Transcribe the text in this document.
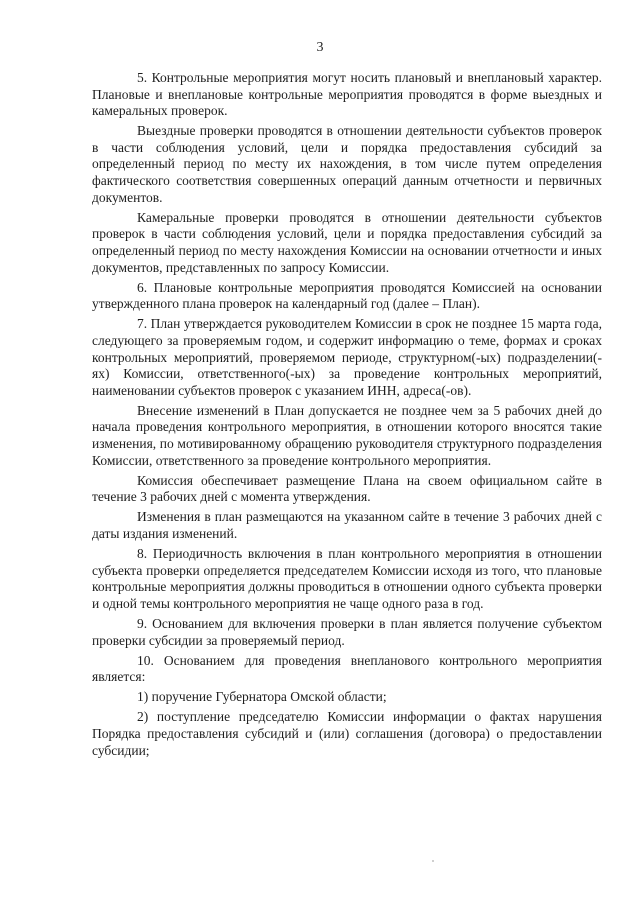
3

5. Контрольные мероприятия могут носить плановый и внеплановый характер. Плановые и внеплановые контрольные мероприятия проводятся в форме выездных и камеральных проверок.

Выездные проверки проводятся в отношении деятельности субъектов проверок в части соблюдения условий, цели и порядка предоставления субсидий за определенный период по месту их нахождения, в том числе путем определения фактического соответствия совершенных операций данным отчетности и первичных документов.

Камеральные проверки проводятся в отношении деятельности субъектов проверок в части соблюдения условий, цели и порядка предоставления субсидий за определенный период по месту нахождения Комиссии на основании отчетности и иных документов, представленных по запросу Комиссии.

6. Плановые контрольные мероприятия проводятся Комиссией на основании утвержденного плана проверок на календарный год (далее – План).

7. План утверждается руководителем Комиссии в срок не позднее 15 марта года, следующего за проверяемым годом, и содержит информацию о теме, формах и сроках контрольных мероприятий, проверяемом периоде, структурном(-ых) подразделении(-ях) Комиссии, ответственного(-ых) за проведение контрольных мероприятий, наименовании субъектов проверок с указанием ИНН, адреса(-ов).

Внесение изменений в План допускается не позднее чем за 5 рабочих дней до начала проведения контрольного мероприятия, в отношении которого вносятся такие изменения, по мотивированному обращению руководителя структурного подразделения Комиссии, ответственного за проведение контрольного мероприятия.

Комиссия обеспечивает размещение Плана на своем официальном сайте в течение 3 рабочих дней с момента утверждения.

Изменения в план размещаются на указанном сайте в течение 3 рабочих дней с даты издания изменений.

8. Периодичность включения в план контрольного мероприятия в отношении субъекта проверки определяется председателем Комиссии исходя из того, что плановые контрольные мероприятия должны проводиться в отношении одного субъекта проверки и одной темы контрольного мероприятия не чаще одного раза в год.

9. Основанием для включения проверки в план является получение субъектом проверки субсидии за проверяемый период.

10. Основанием для проведения внепланового контрольного мероприятия является:

1) поручение Губернатора Омской области;

2) поступление председателю Комиссии информации о фактах нарушения Порядка предоставления субсидий и (или) соглашения (договора) о предоставлении субсидии;
